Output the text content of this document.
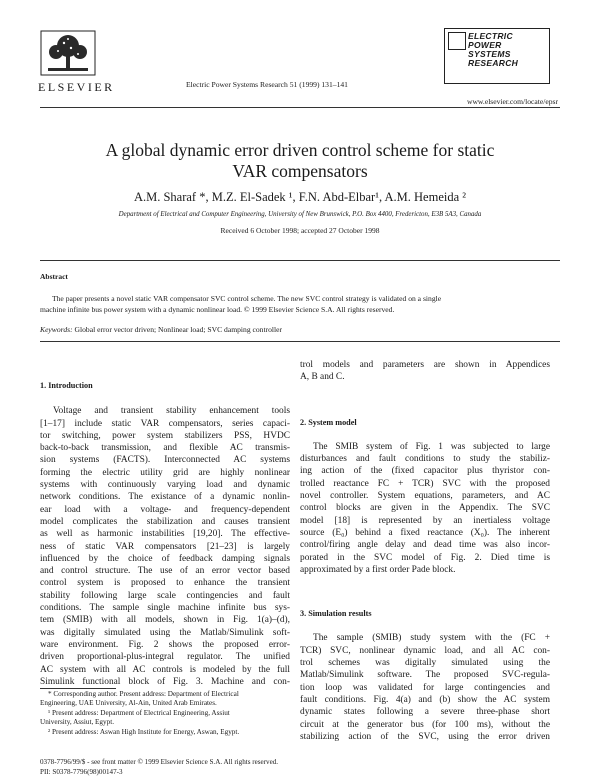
ELSEVIER	Electric Power Systems Research 51 (1999) 131–141
ELECTRIC
POWER
SYSTEMS
RESEARCH
www.elsevier.com/locate/epsr
A global dynamic error driven control scheme for static
VAR compensators
A.M. Sharaf *, M.Z. El-Sadek ¹, F.N. Abd-Elbar¹, A.M. Hemeida ²
Department of Electrical and Computer Engineering, University of New Brunswick, P.O. Box 4400, Fredericton, E3B 5A3, Canada
Received 6 October 1998; accepted 27 October 1998
Abstract
The paper presents a novel static VAR compensator SVC control scheme. The new SVC control strategy is validated on a single
machine infinite bus power system with a dynamic nonlinear load. © 1999 Elsevier Science S.A. All rights reserved.
Keywords: Global error vector driven; Nonlinear load; SVC damping controller
1. Introduction

Voltage and transient stability enhancement tools
[1–17] include static VAR compensators, series capaci-
tor switching, power system stabilizers PSS, HVDC
back-to-back transmission, and flexible AC transmis-
sion systems (FACTS). Interconnected AC systems
forming the electric utility grid are highly nonlinear
systems with continuously varying load and dynamic
network conditions. The existance of a dynamic nonlin-
ear load with a voltage- and frequency-dependent
model complicates the stabilization and causes transient
as well as harmonic instabilities [19,20]. The effective-
ness of static VAR compensators [21–23] is largely
influenced by the choice of feedback damping signals
and control structure. The use of an error vector based
control system is proposed to enhance the transient
stability following large scale contingencies and fault
conditions. The sample single machine infinite bus sys-
tem (SMIB) with all models, shown in Fig. 1(a)–(d),
was digitally simulated using the Matlab/Simulink soft-
ware environment. Fig. 2 shows the proposed error-
driven proportional-plus-integral regulator. The unified
AC system with all AC controls is modeled by the full
Simulink functional block of Fig. 3. Machine and con-

trol models and parameters are shown in Appendices
A, B and C.

2. System model

The SMIB system of Fig. 1 was subjected to large
disturbances and fault conditions to study the stabiliz-
ing action of the (fixed capacitor plus thyristor con-
trolled reactance FC + TCR) SVC with the proposed
novel controller. System equations, parameters, and AC
control blocks are given in the Appendix. The SVC
model [18] is represented by an inertialess voltage
source (E₀) behind a fixed reactance (X₀). The inherent
control/firing angle delay and dead time was also incor-
porated in the SVC model of Fig. 2. Died time is
approximated by a first order Pade block.

3. Simulation results

The sample (SMIB) study system with the (FC +
TCR) SVC, nonlinear dynamic load, and all AC con-
trol schemes was digitally simulated using the
Matlab/Simulink software. The proposed SVC-regula-
tion loop was validated for large contingencies and
fault conditions. Fig. 4(a) and (b) show the AC system
dynamic states following a severe three-phase short
circuit at the generator bus (for 100 ms), without the
stabilizing action of the SVC, using the error driven

* Corresponding author. Present address: Department of Electrical
Engineering, UAE University, Al-Ain, United Arab Emirates.
¹ Present address: Department of Electrical Engineering, Assiut
University, Assiut, Egypt.
² Present address: Aswan High Institute for Energy, Aswan, Egypt.
0378-7796/99/$ - see front matter © 1999 Elsevier Science S.A. All rights reserved.
PII: S0378-7796(98)00147-3
